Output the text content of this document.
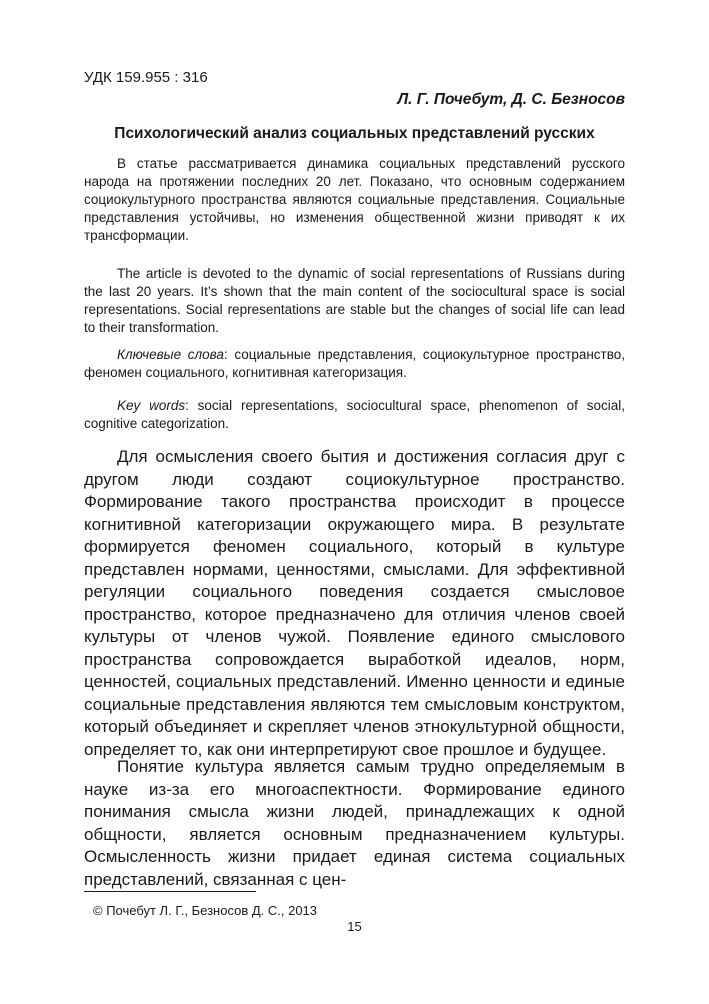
УДК 159.955 : 316
Л. Г. Почебут, Д. С. Безносов
Психологический анализ социальных представлений русских

В статье рассматривается динамика социальных представлений русского народа на протяжении последних 20 лет. Показано, что основным содержанием социокультурного пространства являются социальные представления. Социальные представления устойчивы, но изменения общественной жизни приводят к их трансформации.

The article is devoted to the dynamic of social representations of Russians during the last 20 years. It’s shown that the main content of the sociocultural space is social representations. Social representations are stable but the changes of social life can lead to their transformation.

Ключевые слова: социальные представления, социокультурное пространство, феномен социального, когнитивная категоризация.

Key words: social representations, sociocultural space, phenomenon of social, cognitive categorization.

Для осмысления своего бытия и достижения согласия друг с другом люди создают социокультурное пространство. Формирование такого пространства происходит в процессе когнитивной категоризации окружающего мира. В результате формируется феномен социального, который в культуре представлен нормами, ценностями, смыслами. Для эффективной регуляции социального поведения создается смысловое пространство, которое предназначено для отличия членов своей культуры от членов чужой. Появление единого смыслового пространства сопровождается выработкой идеалов, норм, ценностей, социальных представлений. Именно ценности и единые социальные представления являются тем смысловым конструктом, который объединяет и скрепляет членов этнокультурной общности, определяет то, как они интерпретируют свое прошлое и будущее.

Понятие культура является самым трудно определяемым в науке из-за его многоаспектности. Формирование единого понимания смысла жизни людей, принадлежащих к одной общности, является основным предназначением культуры. Осмысленность жизни придает единая система социальных представлений, связанная с цен-

© Почебут Л. Г., Безносов Д. С., 2013
15
